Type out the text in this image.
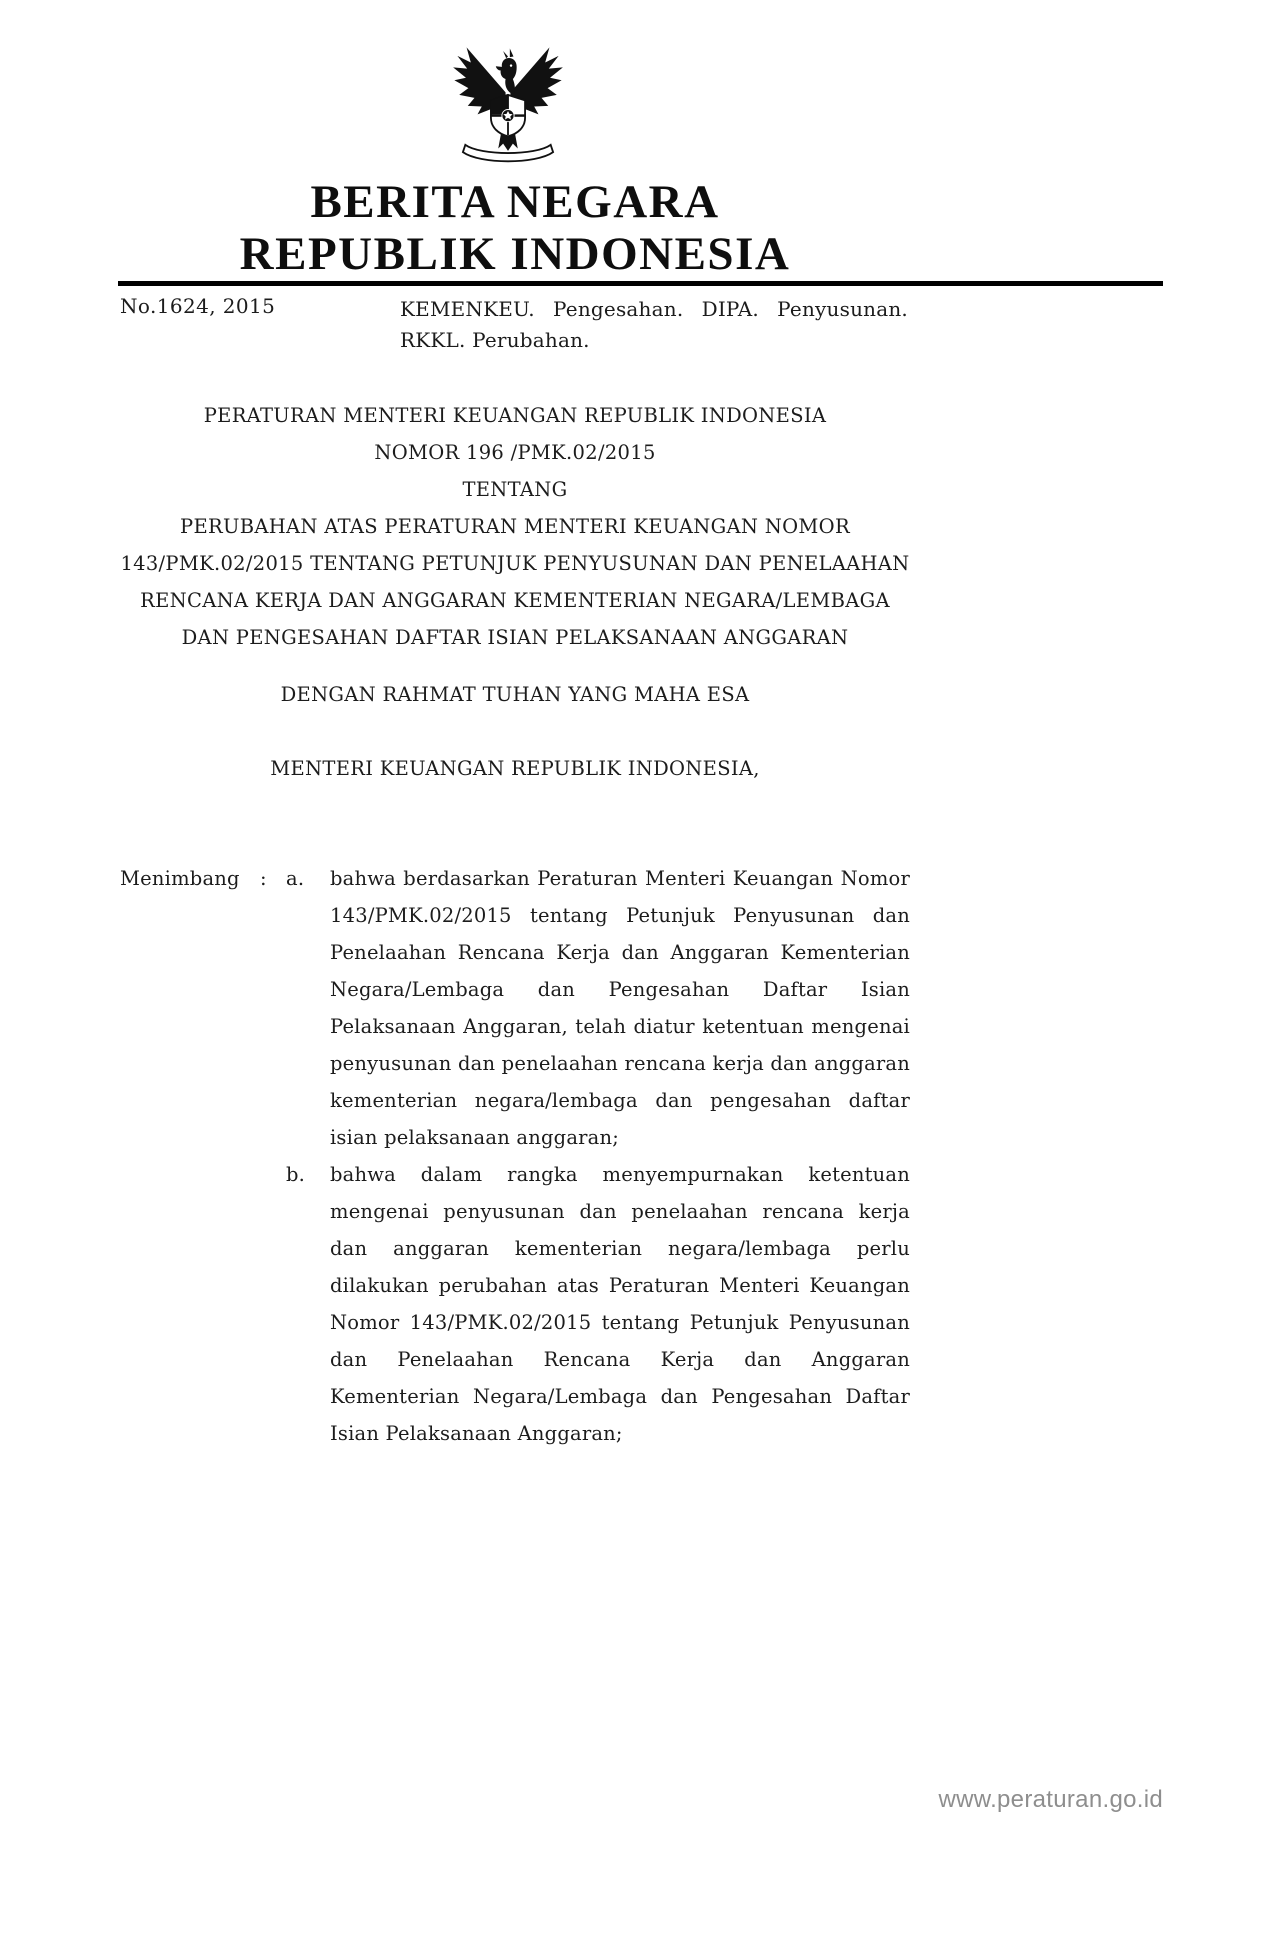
BERITA NEGARA
REPUBLIK INDONESIA
No.1624, 2015	KEMENKEU. Pengesahan. DIPA. Penyusunan.
RKKL. Perubahan.
PERATURAN MENTERI KEUANGAN REPUBLIK INDONESIA
NOMOR 196 /PMK.02/2015
TENTANG
PERUBAHAN ATAS PERATURAN MENTERI KEUANGAN NOMOR
143/PMK.02/2015 TENTANG PETUNJUK PENYUSUNAN DAN PENELAAHAN
RENCANA KERJA DAN ANGGARAN KEMENTERIAN NEGARA/LEMBAGA
DAN PENGESAHAN DAFTAR ISIAN PELAKSANAAN ANGGARAN
DENGAN RAHMAT TUHAN YANG MAHA ESA
MENTERI KEUANGAN REPUBLIK INDONESIA,
Menimbang	: a.	bahwa berdasarkan Peraturan Menteri Keuangan Nomor 143/PMK.02/2015 tentang Petunjuk Penyusunan dan Penelaahan Rencana Kerja dan Anggaran Kementerian Negara/Lembaga dan Pengesahan Daftar Isian Pelaksanaan Anggaran, telah diatur ketentuan mengenai penyusunan dan penelaahan rencana kerja dan anggaran kementerian negara/lembaga dan pengesahan daftar isian pelaksanaan anggaran;
b.	bahwa dalam rangka menyempurnakan ketentuan mengenai penyusunan dan penelaahan rencana kerja dan anggaran kementerian negara/lembaga perlu dilakukan perubahan atas Peraturan Menteri Keuangan Nomor 143/PMK.02/2015 tentang Petunjuk Penyusunan dan Penelaahan Rencana Kerja dan Anggaran Kementerian Negara/Lembaga dan Pengesahan Daftar Isian Pelaksanaan Anggaran;
www.peraturan.go.id
